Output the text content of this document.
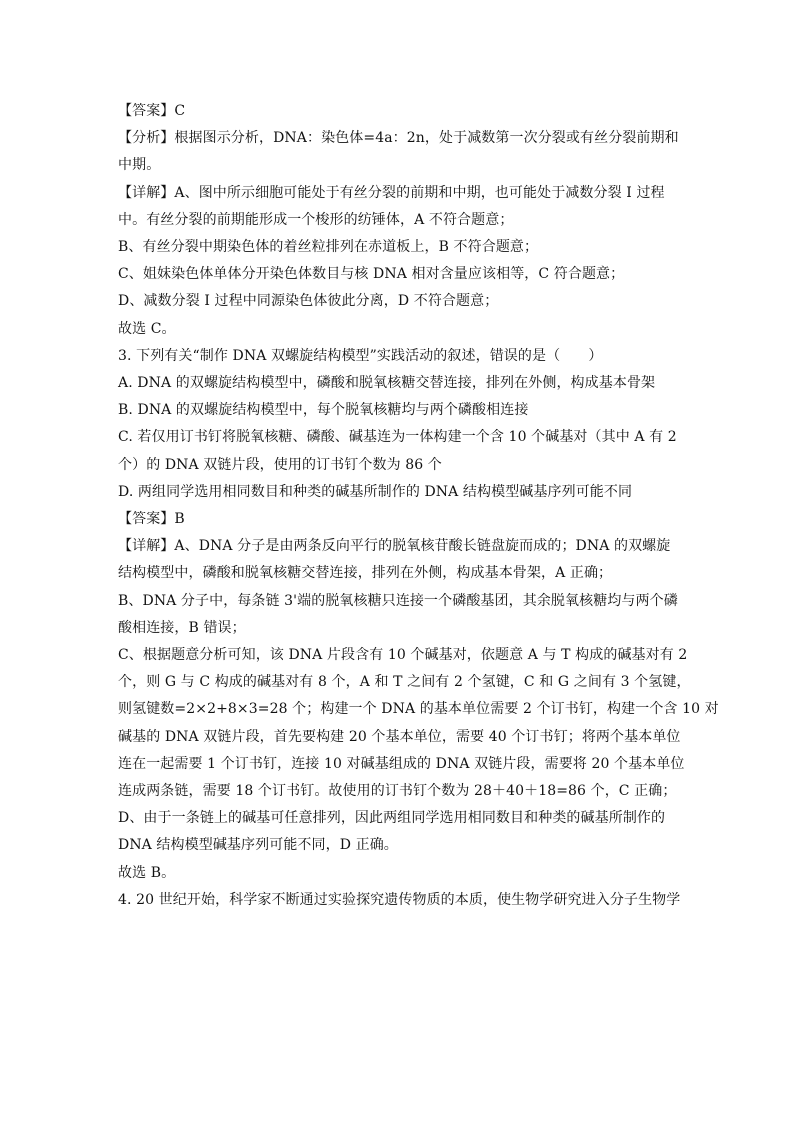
【答案】C
【分析】根据图示分析，DNA：染色体=4a：2n，处于减数第一次分裂或有丝分裂前期和
中期。
【详解】A、图中所示细胞可能处于有丝分裂的前期和中期，也可能处于减数分裂 I 过程
中。有丝分裂的前期能形成一个梭形的纺锤体，A 不符合题意；
B、有丝分裂中期染色体的着丝粒排列在赤道板上，B 不符合题意；
C、姐妹染色体单体分开染色体数目与核 DNA 相对含量应该相等，C 符合题意；
D、减数分裂 I 过程中同源染色体彼此分离，D 不符合题意；
故选 C。
3. 下列有关“制作 DNA 双螺旋结构模型”实践活动的叙述，错误的是（　　）
A. DNA 的双螺旋结构模型中，磷酸和脱氧核糖交替连接，排列在外侧，构成基本骨架
B. DNA 的双螺旋结构模型中，每个脱氧核糖均与两个磷酸相连接
C. 若仅用订书钉将脱氧核糖、磷酸、碱基连为一体构建一个含 10 个碱基对（其中 A 有 2
个）的 DNA 双链片段，使用的订书钉个数为 86 个
D. 两组同学选用相同数目和种类的碱基所制作的 DNA 结构模型碱基序列可能不同
【答案】B
【详解】A、DNA 分子是由两条反向平行的脱氧核苷酸长链盘旋而成的；DNA 的双螺旋
结构模型中，磷酸和脱氧核糖交替连接，排列在外侧，构成基本骨架，A 正确；
B、DNA 分子中，每条链 3'端的脱氧核糖只连接一个磷酸基团，其余脱氧核糖均与两个磷
酸相连接，B 错误；
C、根据题意分析可知，该 DNA 片段含有 10 个碱基对，依题意 A 与 T 构成的碱基对有 2
个，则 G 与 C 构成的碱基对有 8 个，A 和 T 之间有 2 个氢键，C 和 G 之间有 3 个氢键，
则氢键数=2×2+8×3=28 个；构建一个 DNA 的基本单位需要 2 个订书钉，构建一个含 10 对
碱基的 DNA 双链片段，首先要构建 20 个基本单位，需要 40 个订书钉；将两个基本单位
连在一起需要 1 个订书钉，连接 10 对碱基组成的 DNA 双链片段，需要将 20 个基本单位
连成两条链，需要 18 个订书钉。故使用的订书钉个数为 28＋40＋18=86 个，C 正确；
D、由于一条链上的碱基可任意排列，因此两组同学选用相同数目和种类的碱基所制作的
DNA 结构模型碱基序列可能不同，D 正确。
故选 B。
4. 20 世纪开始，科学家不断通过实验探究遗传物质的本质，使生物学研究进入分子生物学
